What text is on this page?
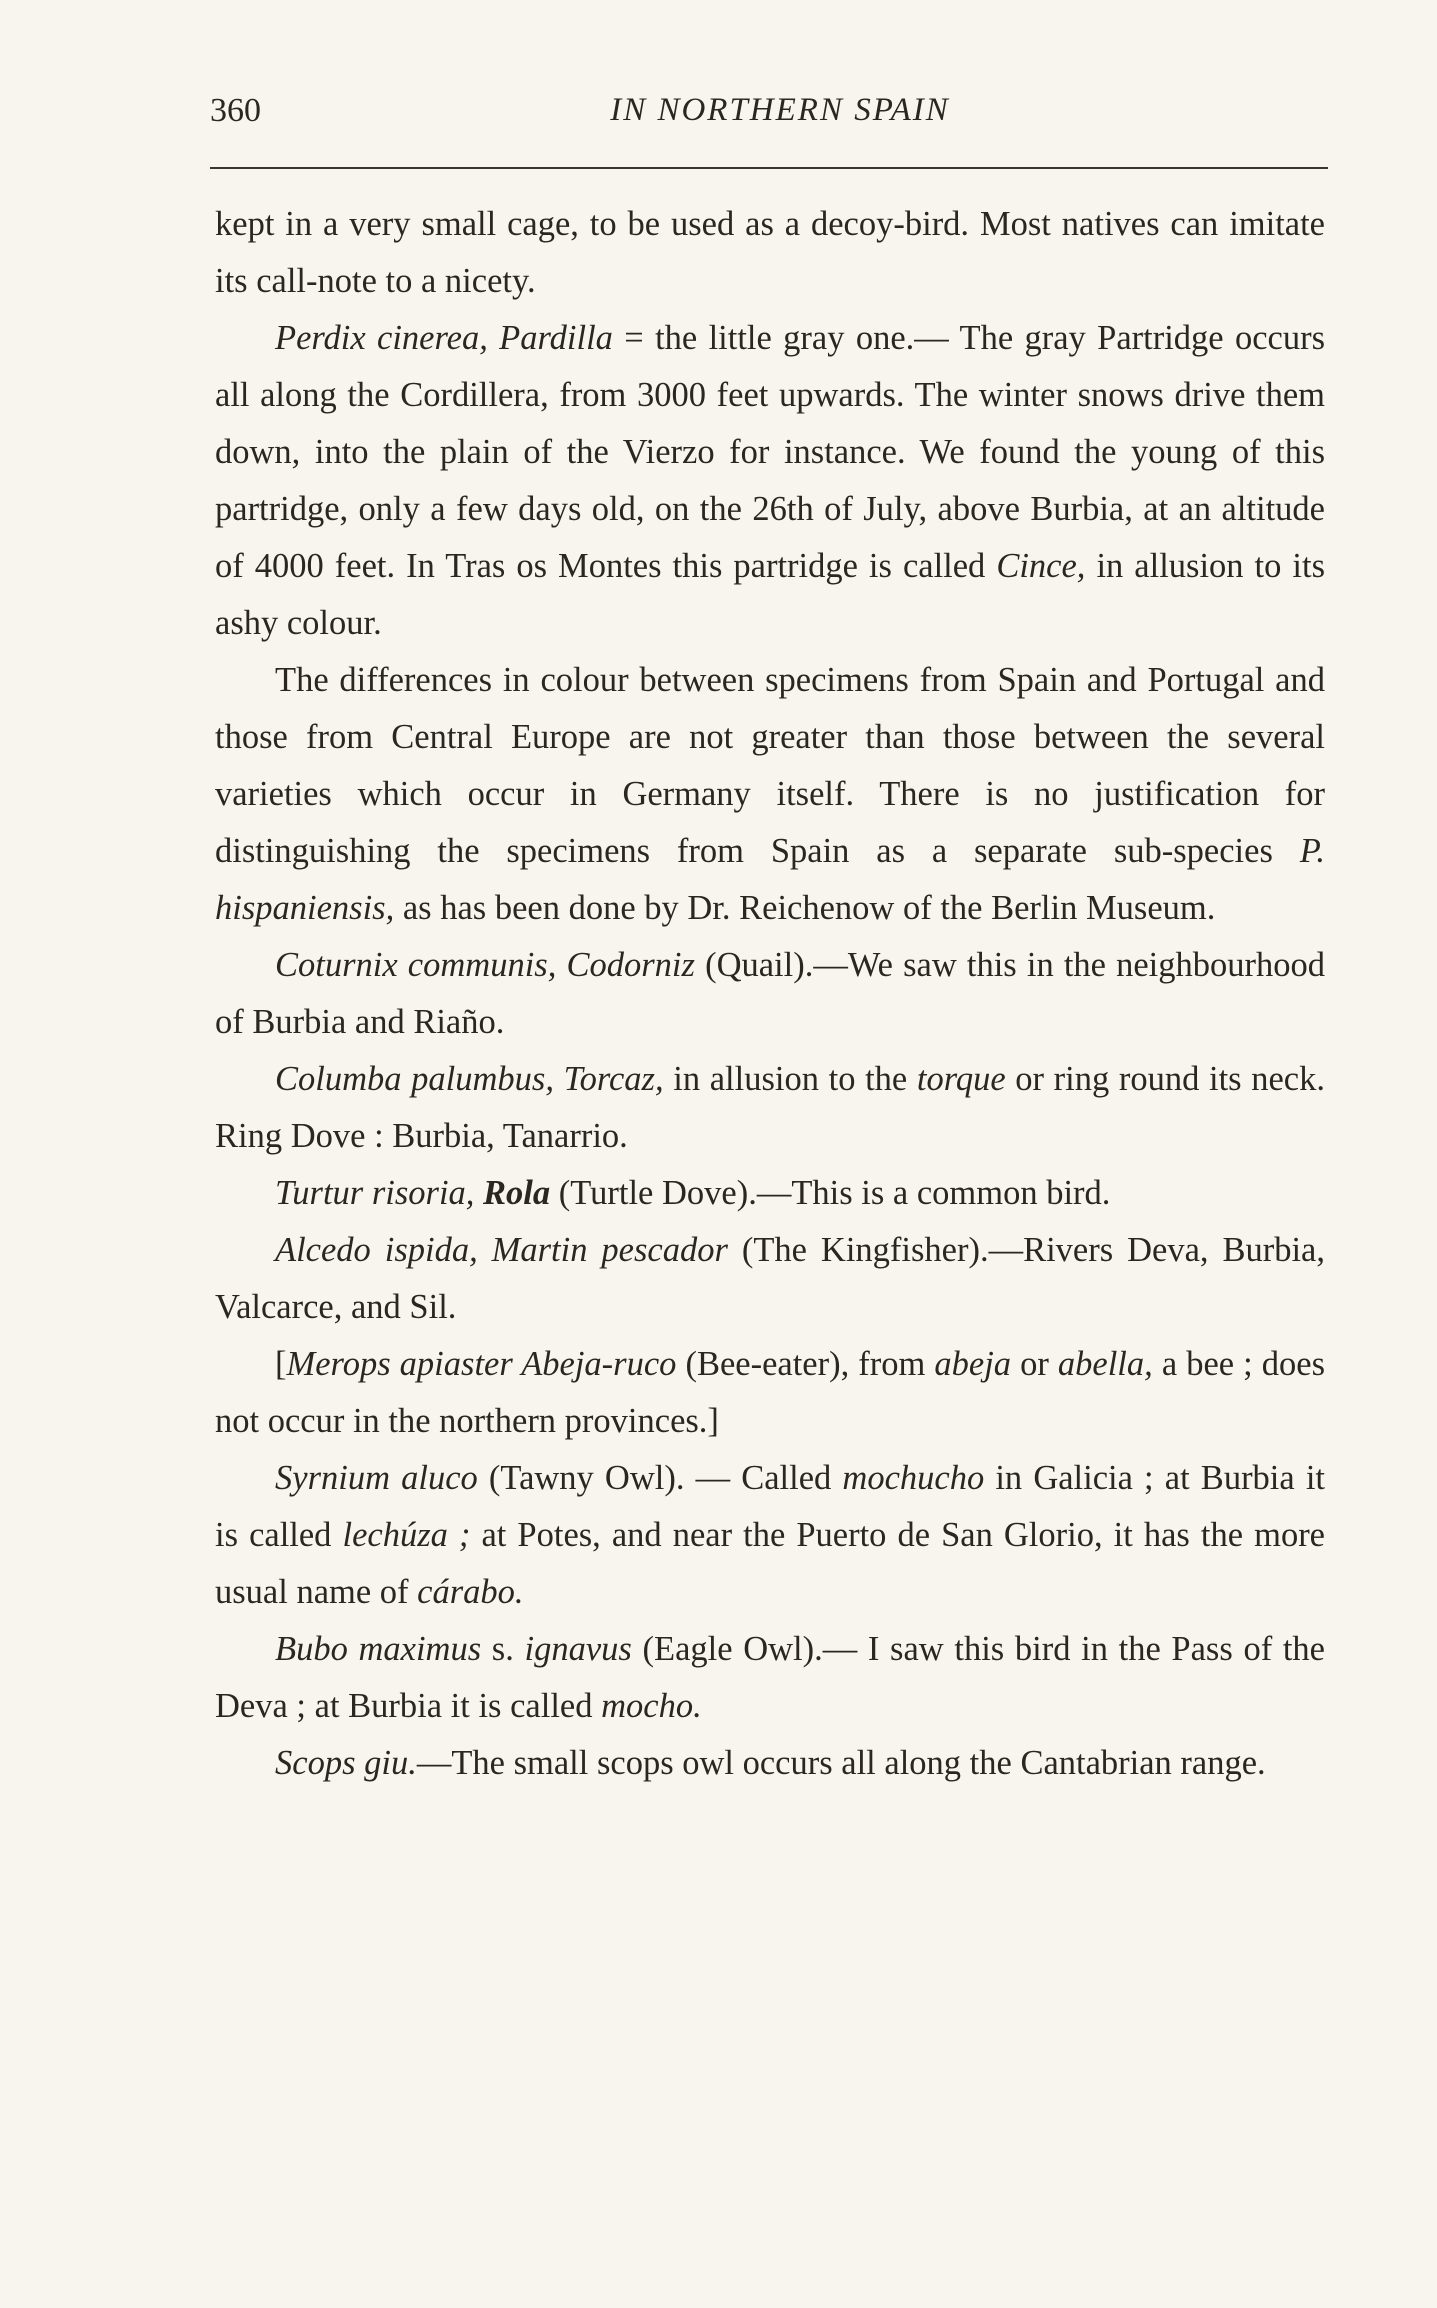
360	IN NORTHERN SPAIN

kept in a very small cage, to be used as a decoy-bird. Most natives can imitate its call-note to a nicety.

Perdix cinerea, Pardilla = the little gray one.— The gray Partridge occurs all along the Cordillera, from 3000 feet upwards. The winter snows drive them down, into the plain of the Vierzo for instance. We found the young of this partridge, only a few days old, on the 26th of July, above Burbia, at an altitude of 4000 feet. In Tras os Montes this partridge is called Cince, in allusion to its ashy colour.

The differences in colour between specimens from Spain and Portugal and those from Central Europe are not greater than those between the several varieties which occur in Germany itself. There is no justification for distinguishing the specimens from Spain as a separate sub-species P. hispaniensis, as has been done by Dr. Reichenow of the Berlin Museum.

Coturnix communis, Codorniz (Quail).—We saw this in the neighbourhood of Burbia and Riaño.

Columba palumbus, Torcaz, in allusion to the torque or ring round its neck. Ring Dove : Burbia, Tanarrio.

Turtur risoria, Rola (Turtle Dove).—This is a common bird.

Alcedo ispida, Martin pescador (The Kingfisher).—Rivers Deva, Burbia, Valcarce, and Sil.

[Merops apiaster Abeja-ruco (Bee-eater), from abeja or abella, a bee ; does not occur in the northern provinces.]

Syrnium aluco (Tawny Owl). — Called mochucho in Galicia ; at Burbia it is called lechúza ; at Potes, and near the Puerto de San Glorio, it has the more usual name of cárabo.

Bubo maximus s. ignavus (Eagle Owl).— I saw this bird in the Pass of the Deva ; at Burbia it is called mocho.

Scops giu.—The small scops owl occurs all along the Cantabrian range.
